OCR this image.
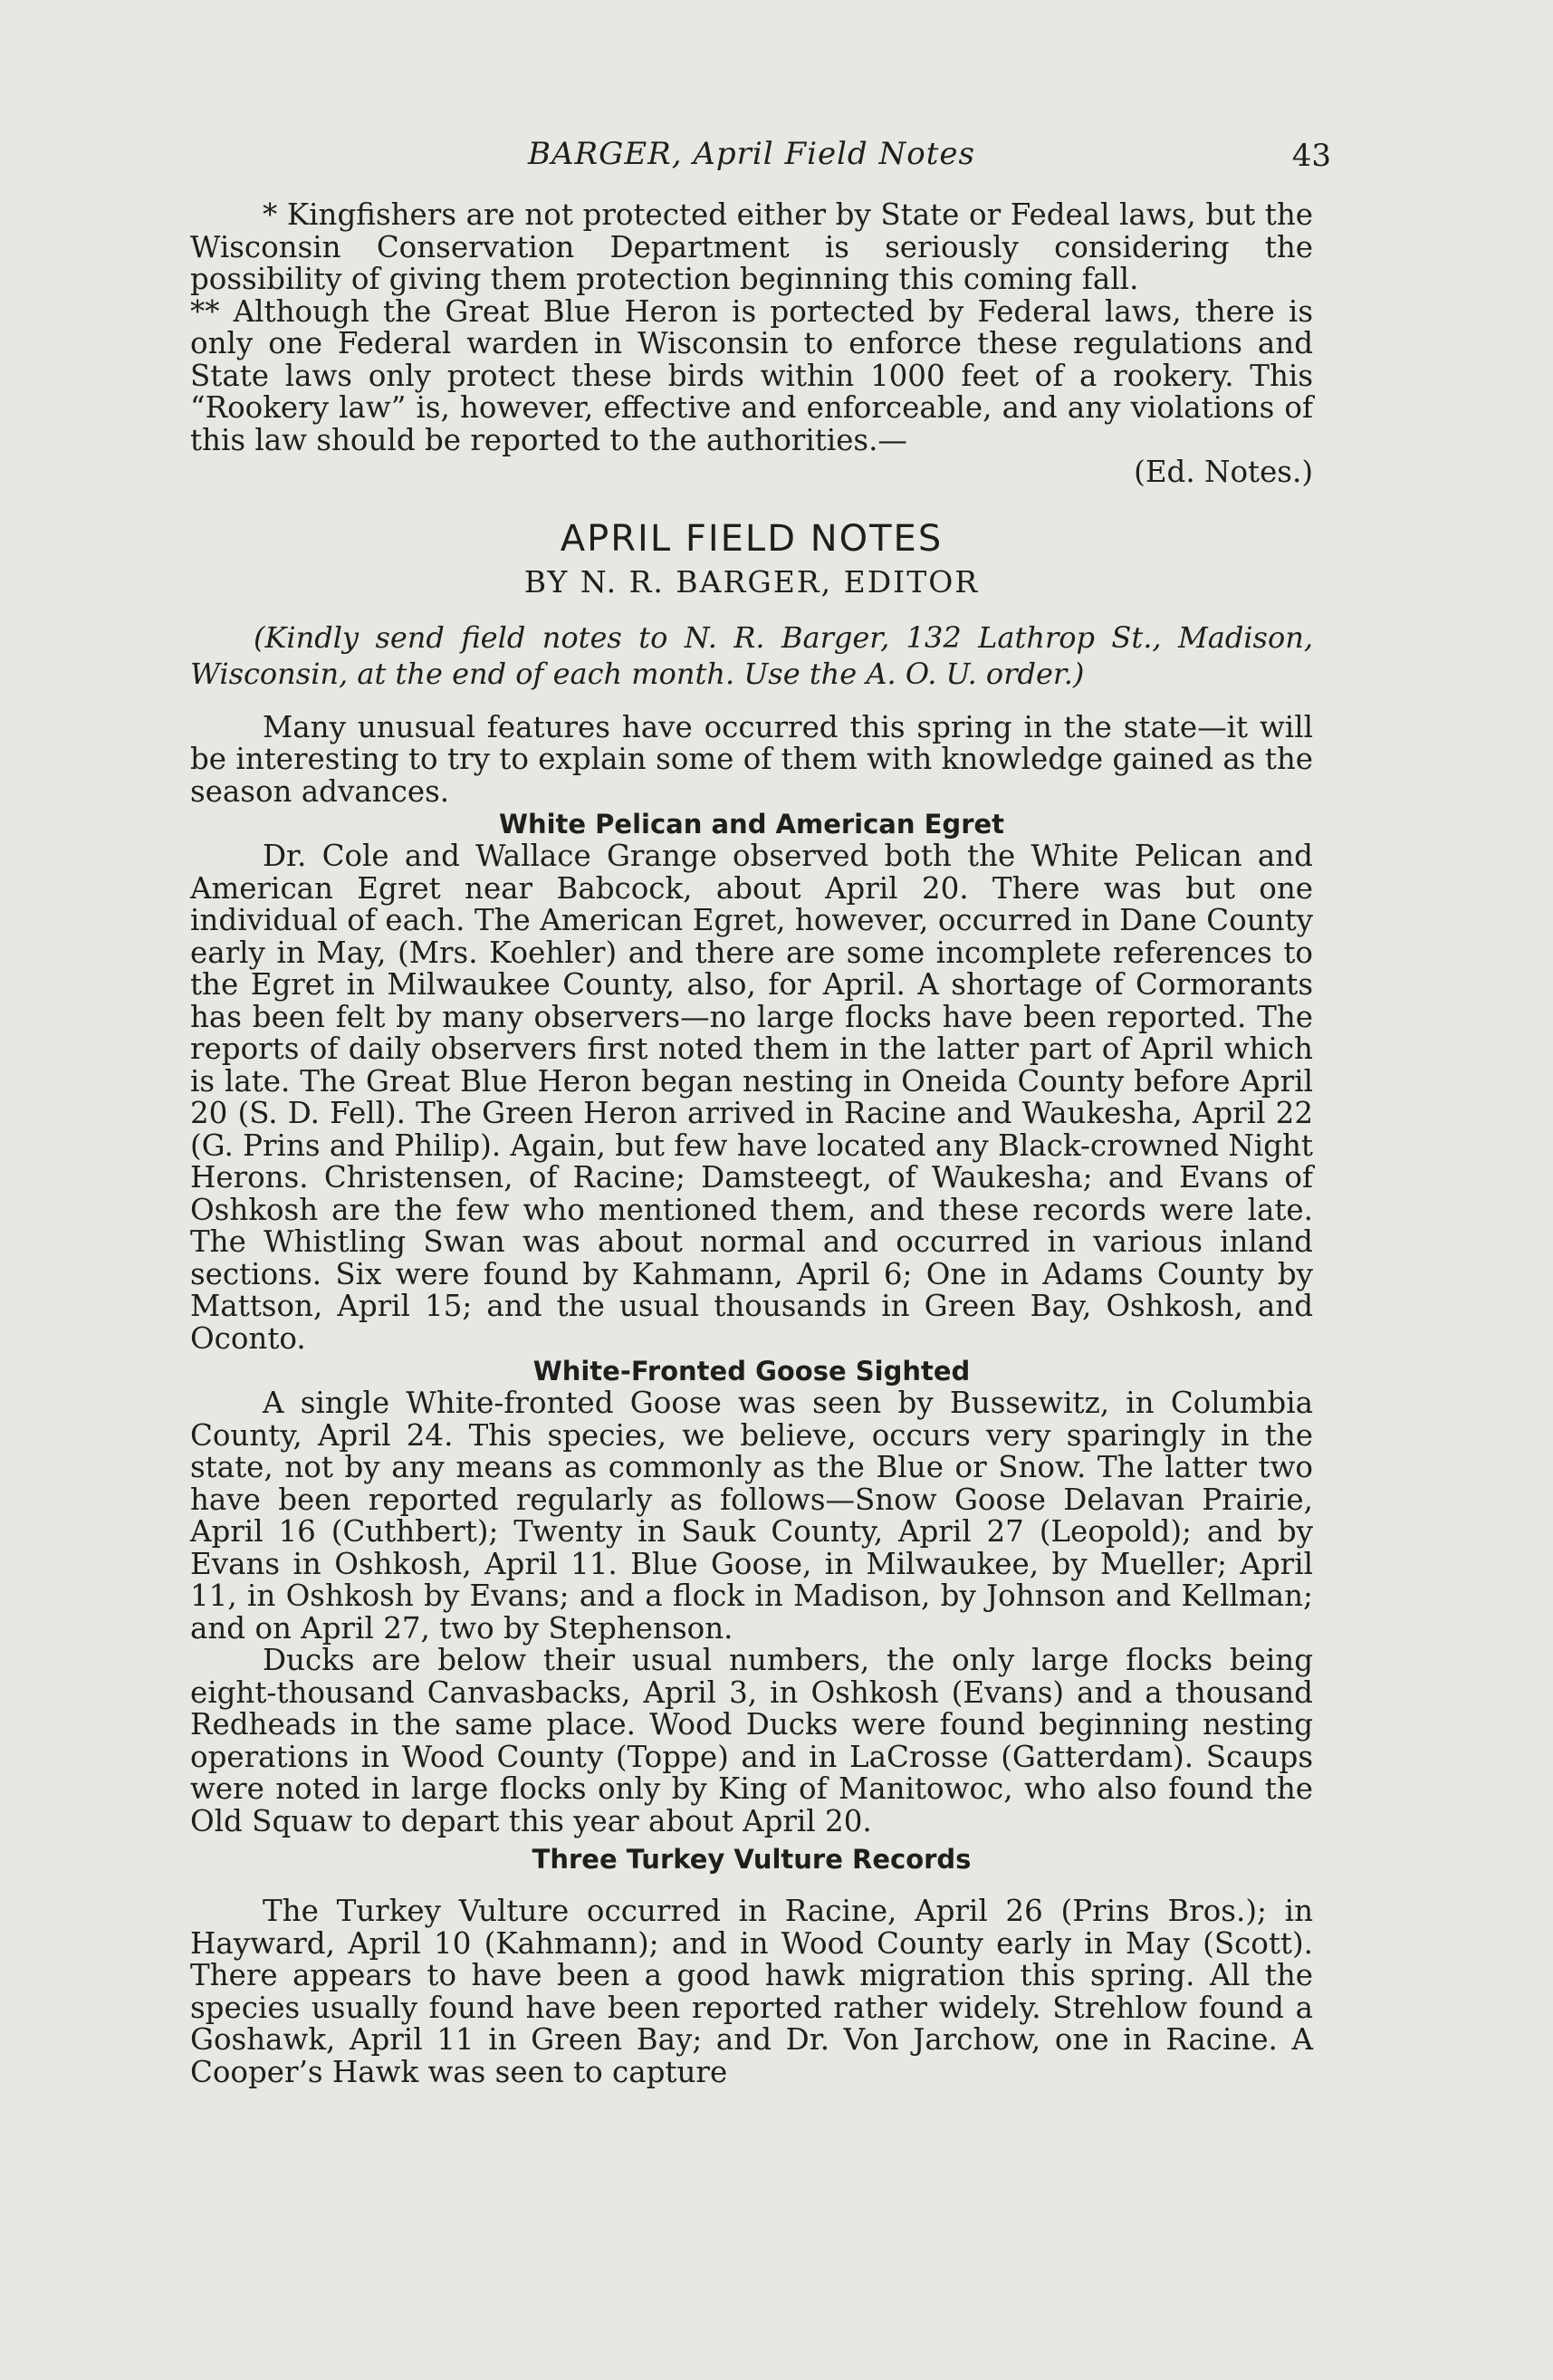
BARGER, April Field Notes	43

* Kingfishers are not protected either by State or Fedeal laws, but the Wisconsin Conservation Department is seriously considering the possibility of giving them protection beginning this coming fall.

** Although the Great Blue Heron is portected by Federal laws, there is only one Federal warden in Wisconsin to enforce these regulations and State laws only protect these birds within 1000 feet of a rookery. This “Rookery law” is, however, effective and enforceable, and any violations of this law should be reported to the authorities.—

(Ed. Notes.)
APRIL FIELD NOTES
BY N. R. BARGER, EDITOR

(Kindly send field notes to N. R. Barger, 132 Lathrop St., Madison, Wisconsin, at the end of each month. Use the A. O. U. order.)

Many unusual features have occurred this spring in the state—it will be interesting to try to explain some of them with knowledge gained as the season advances.

White Pelican and American Egret

Dr. Cole and Wallace Grange observed both the White Pelican and American Egret near Babcock, about April 20. There was but one individual of each. The American Egret, however, occurred in Dane County early in May, (Mrs. Koehler) and there are some incomplete references to the Egret in Milwaukee County, also, for April. A shortage of Cormorants has been felt by many observers—no large flocks have been reported. The reports of daily observers first noted them in the latter part of April which is late. The Great Blue Heron began nesting in Oneida County before April 20 (S. D. Fell). The Green Heron arrived in Racine and Waukesha, April 22 (G. Prins and Philip). Again, but few have located any Black-crowned Night Herons. Christensen, of Racine; Damsteegt, of Waukesha; and Evans of Oshkosh are the few who mentioned them, and these records were late. The Whistling Swan was about normal and occurred in various inland sections. Six were found by Kahmann, April 6; One in Adams County by Mattson, April 15; and the usual thousands in Green Bay, Oshkosh, and Oconto.

White-Fronted Goose Sighted

A single White-fronted Goose was seen by Bussewitz, in Columbia County, April 24. This species, we believe, occurs very sparingly in the state, not by any means as commonly as the Blue or Snow. The latter two have been reported regularly as follows—Snow Goose Delavan Prairie, April 16 (Cuthbert); Twenty in Sauk County, April 27 (Leopold); and by Evans in Oshkosh, April 11. Blue Goose, in Milwaukee, by Mueller; April 11, in Oshkosh by Evans; and a flock in Madison, by Johnson and Kellman; and on April 27, two by Stephenson.

Ducks are below their usual numbers, the only large flocks being eight-thousand Canvasbacks, April 3, in Oshkosh (Evans) and a thousand Redheads in the same place. Wood Ducks were found beginning nesting operations in Wood County (Toppe) and in LaCrosse (Gatterdam). Scaups were noted in large flocks only by King of Manitowoc, who also found the Old Squaw to depart this year about April 20.

Three Turkey Vulture Records

The Turkey Vulture occurred in Racine, April 26 (Prins Bros.); in Hayward, April 10 (Kahmann); and in Wood County early in May (Scott). There appears to have been a good hawk migration this spring. All the species usually found have been reported rather widely. Strehlow found a Goshawk, April 11 in Green Bay; and Dr. Von Jarchow, one in Racine. A Cooper’s Hawk was seen to capture
